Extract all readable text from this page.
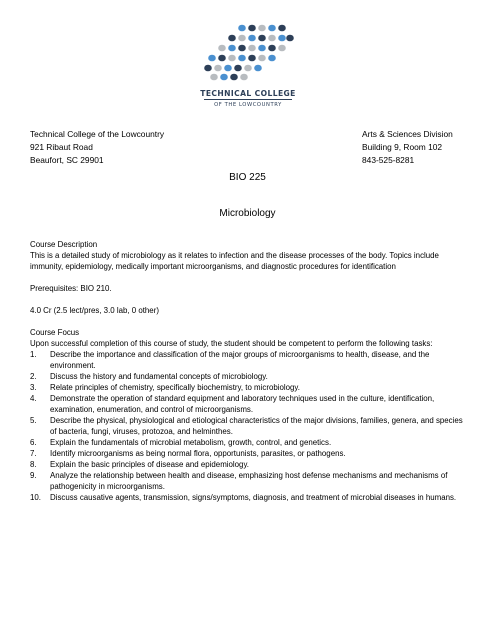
TECHNICAL COLLEGE
OF THE LOWCOUNTRY
Technical College of the Lowcountry
921 Ribaut Road
Beaufort, SC 29901
Arts & Sciences Division
Building 9, Room 102
843-525-8281
BIO 225
Microbiology

Course Description

This is a detailed study of microbiology as it relates to infection and the disease processes of the body. Topics include immunity, epidemiology, medically important microorganisms, and diagnostic procedures for identification

Prerequisites: BIO 210.

4.0 Cr (2.5 lect/pres, 3.0 lab, 0 other)

Course Focus

Upon successful completion of this course of study, the student should be competent to perform the following tasks:

1.	Describe the importance and classification of the major groups of microorganisms to health, disease, and the environment.
2.	Discuss the history and fundamental concepts of microbiology.
3.	Relate principles of chemistry, specifically biochemistry, to microbiology.
4.	Demonstrate the operation of standard equipment and laboratory techniques used in the culture, identification, examination, enumeration, and control of microorganisms.
5.	Describe the physical, physiological and etiological characteristics of the major divisions, families, genera, and species of bacteria, fungi, viruses, protozoa, and helminthes.
6.	Explain the fundamentals of microbial metabolism, growth, control, and genetics.
7.	Identify microorganisms as being normal flora, opportunists, parasites, or pathogens.
8.	Explain the basic principles of disease and epidemiology.
9.	Analyze the relationship between health and disease, emphasizing host defense mechanisms and mechanisms of pathogenicity in microorganisms.
10.	Discuss causative agents, transmission, signs/symptoms, diagnosis, and treatment of microbial diseases in humans.
